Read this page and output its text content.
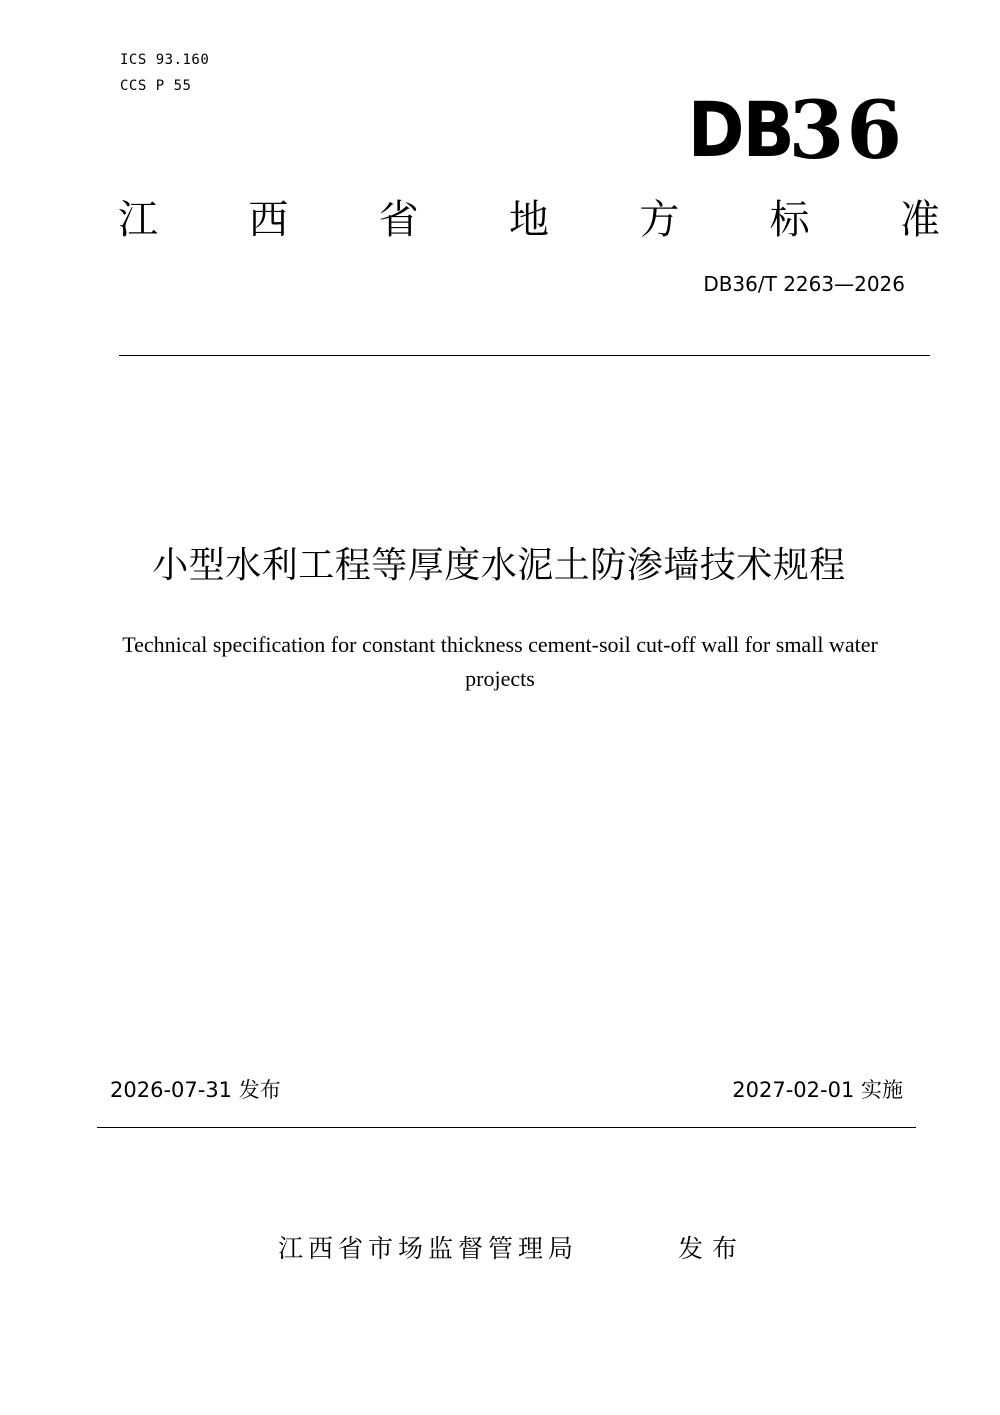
ICS 93.160
CCS P 55	DB
36
江 西 省 地 方 标 准
DB36/T 2263—2026
小型水利工程等厚度水泥土防渗墙技术规程
Technical specification for constant thickness cement-soil cut-off wall for small water projects
2026-07-31 发布	2027-02-01 实施
江西省市场监督管理局	发布
